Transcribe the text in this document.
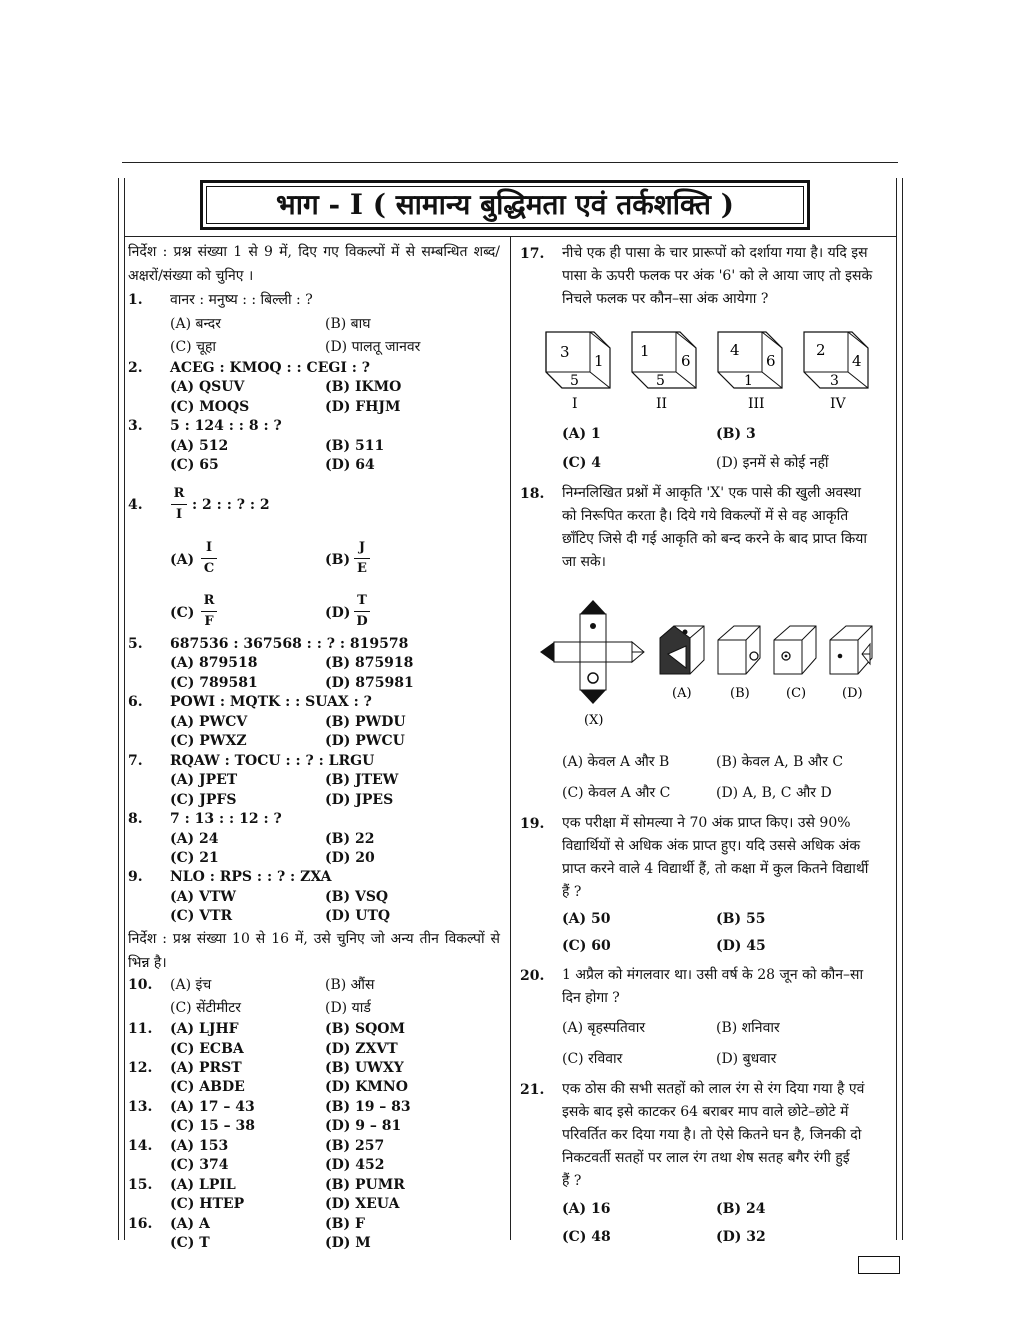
भाग - I ( सामान्य बुद्धिमता एवं तर्कशक्ति )
निर्देश : प्रश्न संख्या 1 से 9 में, दिए गए विकल्पों में से सम्बन्धित शब्द/अक्षरों/संख्या को चुनिए ।
1. वानर : मनुष्य : : बिल्ली : ?
(A) बन्दर	(B) बाघ
(C) चूहा	(D) पालतू जानवर
2. ACEG : KMOQ : : CEGI : ?
(A) QSUV	(B) IKMO
(C) MOQS	(D) FHJM
3. 5 : 124 : : 8 : ?
(A) 512	(B) 511
(C) 65	(D) 64
4.
R
I
: 2 : : ? : 2
(A)
I
C
(B)
J
E
(C)
R
F
(D)
T
D
5. 687536 : 367568 : : ? : 819578
(A) 879518	(B) 875918
(C) 789581	(D) 875981
6. POWI : MQTK : : SUAX : ?
(A) PWCV	(B) PWDU
(C) PWXZ	(D) PWCU
7. RQAW : TOCU : : ? : LRGU
(A) JPET	(B) JTEW
(C) JPFS	(D) JPES
8. 7 : 13 : : 12 : ?
(A) 24	(B) 22
(C) 21	(D) 20
9. NLO : RPS : : ? : ZXA
(A) VTW	(B) VSQ
(C) VTR	(D) UTQ
निर्देश : प्रश्न संख्या 10 से 16 में, उसे चुनिए जो अन्य तीन विकल्पों से भिन्न है।
10. (A) इंच	(B) औंस
(C) सेंटीमीटर	(D) यार्ड
11. (A) LJHF	(B) SQOM
(C) ECBA	(D) ZXVT
12. (A) PRST	(B) UWXY
(C) ABDE	(D) KMNO
13. (A) 17 – 43	(B) 19 – 83
(C) 15 – 38	(D) 9 – 81
14. (A) 153	(B) 257
(C) 374	(D) 452
15. (A) LPIL	(B) PUMR
(C) HTEP	(D) XEUA
16. (A) A	(B) F
(C) T	(D) M
17. नीचे एक ही पासा के चार प्रारूपों को दर्शाया गया है। यदि इस
पासा के ऊपरी फलक पर अंक '6' को ले आया जाए तो इसके
निचले फलक पर कौन–सा अंक आयेगा ?
3 1
5
1
6
5
4
6
1
2
4
3
I	II	III	IV
(A) 1	(B) 3
(C) 4	(D) इनमें से कोई नहीं
18. निम्नलिखित प्रश्नों में आकृति 'X' एक पासे की खुली अवस्था
को निरूपित करता है। दिये गये विकल्पों में से वह आकृति
छाँटिए जिसे दी गई आकृति को बन्द करने के बाद प्राप्त किया
जा सके।
(A)	(B)	(C)	(D)
(X)
(A) केवल A और B	(B) केवल A, B और C
(C) केवल A और C	(D) A, B, C और D
19. एक परीक्षा में सोमल्या ने 70 अंक प्राप्त किए। उसे 90%
विद्यार्थियों से अधिक अंक प्राप्त हुए। यदि उससे अधिक अंक
प्राप्त करने वाले 4 विद्यार्थी हैं, तो कक्षा में कुल कितने विद्यार्थी
हैं ?
(A) 50	(B) 55
(C) 60	(D) 45
20. 1 अप्रैल को मंगलवार था। उसी वर्ष के 28 जून को कौन–सा
दिन होगा ?
(A) बृहस्पतिवार	(B) शनिवार
(C) रविवार	(D) बुधवार
21. एक ठोस की सभी सतहों को लाल रंग से रंग दिया गया है एवं
इसके बाद इसे काटकर 64 बराबर माप वाले छोटे–छोटे में
परिवर्तित कर दिया गया है। तो ऐसे कितने घन है, जिनकी दो
निकटवर्ती सतहों पर लाल रंग तथा शेष सतह बगैर रंगी हुई
हैं ?
(A) 16	(B) 24
(C) 48	(D) 32
